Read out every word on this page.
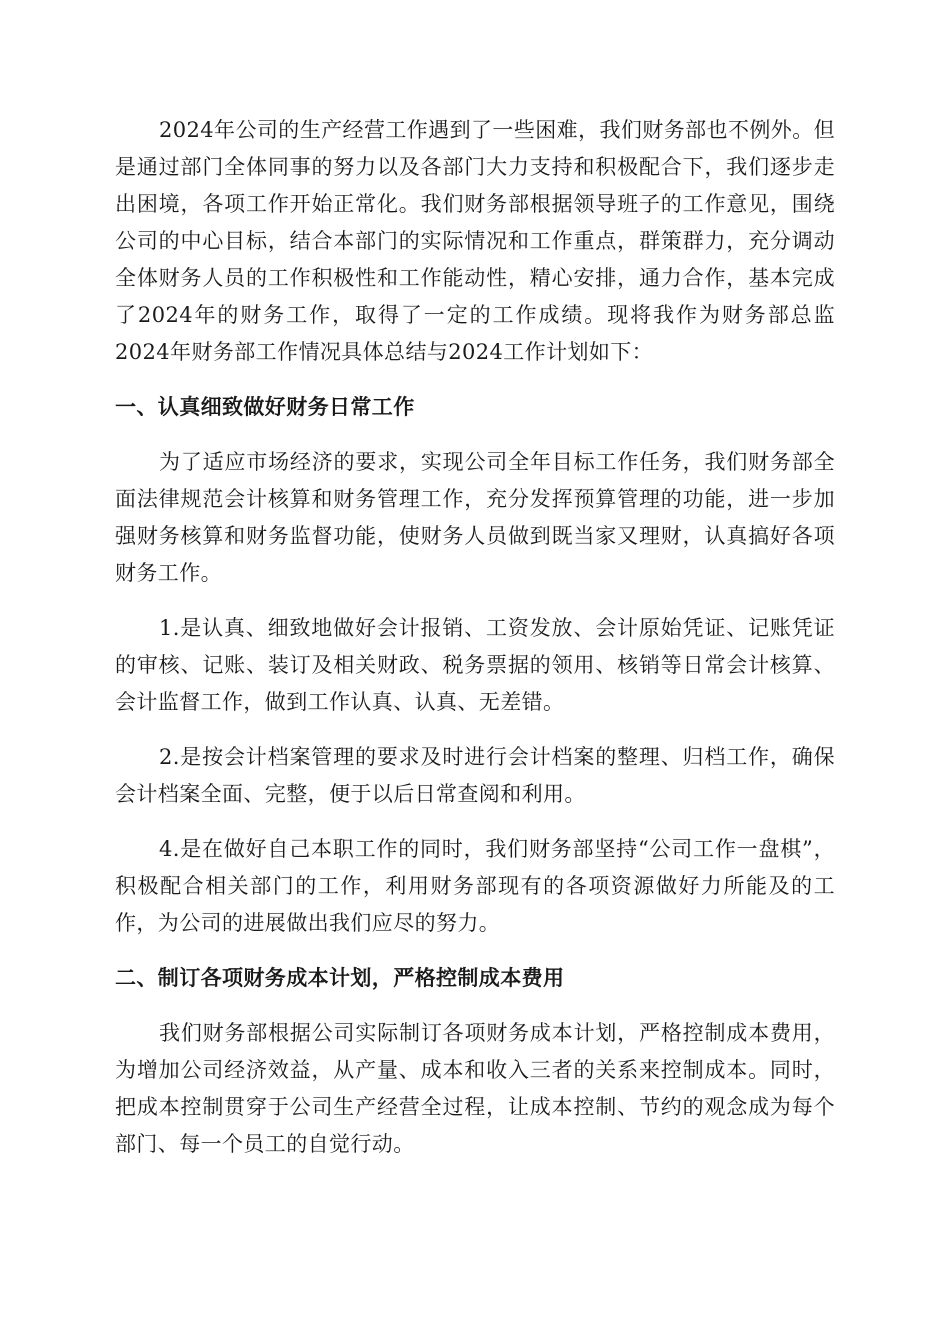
2024年公司的生产经营工作遇到了一些困难，我们财务部也不例外。但是通过部门全体同事的努力以及各部门大力支持和积极配合下，我们逐步走出困境，各项工作开始正常化。我们财务部根据领导班子的工作意见，围绕公司的中心目标，结合本部门的实际情况和工作重点，群策群力，充分调动全体财务人员的工作积极性和工作能动性，精心安排，通力合作，基本完成了2024年的财务工作，取得了一定的工作成绩。现将我作为财务部总监2024年财务部工作情况具体总结与2024工作计划如下：

一、认真细致做好财务日常工作

为了适应市场经济的要求，实现公司全年目标工作任务，我们财务部全面法律规范会计核算和财务管理工作，充分发挥预算管理的功能，进一步加强财务核算和财务监督功能，使财务人员做到既当家又理财，认真搞好各项财务工作。

1.是认真、细致地做好会计报销、工资发放、会计原始凭证、记账凭证的审核、记账、装订及相关财政、税务票据的领用、核销等日常会计核算、会计监督工作，做到工作认真、认真、无差错。

2.是按会计档案管理的要求及时进行会计档案的整理、归档工作，确保会计档案全面、完整，便于以后日常查阅和利用。

4.是在做好自己本职工作的同时，我们财务部坚持“公司工作一盘棋”，积极配合相关部门的工作，利用财务部现有的各项资源做好力所能及的工作，为公司的进展做出我们应尽的努力。

二、制订各项财务成本计划，严格控制成本费用

我们财务部根据公司实际制订各项财务成本计划，严格控制成本费用，为增加公司经济效益，从产量、成本和收入三者的关系来控制成本。同时，把成本控制贯穿于公司生产经营全过程，让成本控制、节约的观念成为每个部门、每一个员工的自觉行动。
